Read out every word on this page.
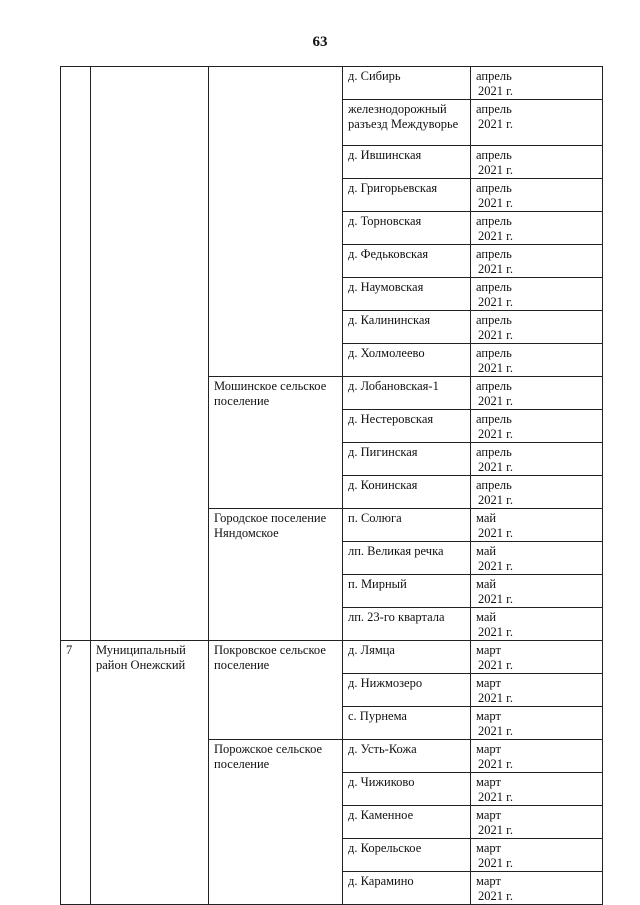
63
			д. Сибирь	апрель
2021 г.

			железнодорожный разъезд Междуворье	апрель
2021 г.

			д. Ившинская	апрель
2021 г.

			д. Григорьевская	апрель
2021 г.

			д. Торновская	апрель
2021 г.

			д. Федьковская	апрель
2021 г.

			д. Наумовская	апрель
2021 г.

			д. Калининская	апрель
2021 г.

			д. Холмолеево	апрель
2021 г.

		Мошинское сельское поселение	д. Лобановская-1	апрель
2021 г.

			д. Нестеровская	апрель
2021 г.

			д. Пигинская	апрель
2021 г.

			д. Конинская	апрель
2021 г.

		Городское поселение Няндомское	п. Солюга	май
2021 г.

			лп. Великая речка	май
2021 г.

			п. Мирный	май
2021 г.

			лп. 23-го квартала	май
2021 г.

7	Муниципальный район Онежский	Покровское сельское поселение	д. Лямца	март
2021 г.

			д. Нижмозеро	март
2021 г.

			с. Пурнема	март
2021 г.

		Порожское сельское поселение	д. Усть-Кожа	март
2021 г.

			д. Чижиково	март
2021 г.

			д. Каменное	март
2021 г.

			д. Корельское	март
2021 г.

			д. Карамино	март
2021 г.
